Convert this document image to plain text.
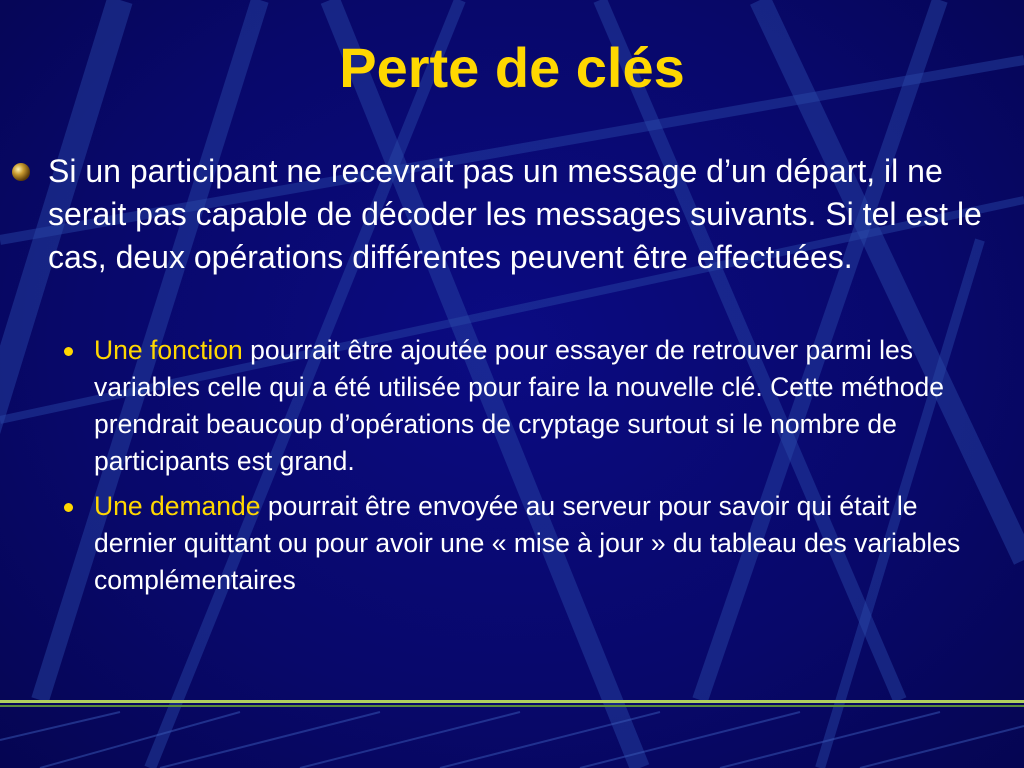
Perte de clés
Si un participant ne recevrait pas un message d’un départ, il ne serait pas capable de décoder les messages suivants. Si tel est le cas, deux opérations différentes peuvent être effectuées.
Une fonction pourrait être ajoutée pour essayer de retrouver parmi les variables celle qui a été utilisée pour faire la nouvelle clé. Cette méthode prendrait beaucoup d’opérations de cryptage surtout si le nombre de participants est grand.
Une demande pourrait être envoyée au serveur pour savoir qui était le dernier quittant ou pour avoir une « mise à jour » du tableau des variables complémentaires
